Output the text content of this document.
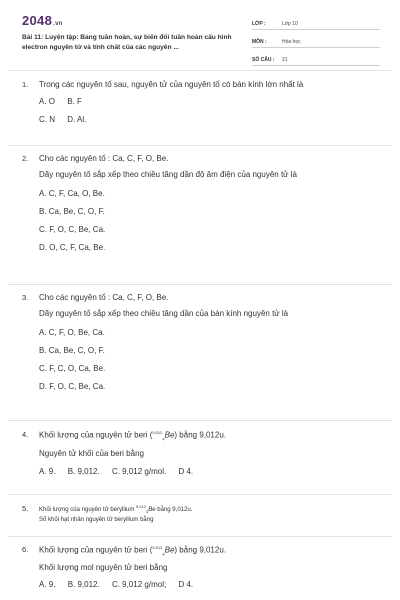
2048.vn
Bài 11: Luyện tập: Bảng tuần hoàn, sự biến đổi tuần hoàn cấu hình electron nguyên tử và tính chất của các nguyên ...
LỚP :	Lớp 10
MÔN :	Hóa học
SỐ CÂU :	21
1.	Trong các nguyên tố sau, nguyên tử của nguyên tố có bán kính lớn nhất là
A. O B. F
C. N D. Al.
2.	Cho các nguyên tố : Ca, C, F, O, Be.
Dãy nguyên tố sắp xếp theo chiều tăng dần độ âm điện của nguyên tử là
A. C, F, Ca, O, Be.
B. Ca, Be, C, O, F.
C. F, O, C, Be, Ca.
D. O, C, F, Ca, Be.
3.	Cho các nguyên tố : Ca, C, F, O, Be.
Dãy nguyên tố sắp xếp theo chiều tăng dần của bán kính nguyên tử là
A. C, F, O, Be, Ca.
B. Ca, Be, C, O, F.
C. F, C, O, Ca, Be.
D. F, O, C, Be, Ca.
4.	Khối lượng của nguyên tử beri ($^{9,012}_4$Be) bằng 9,012u.
Nguyên tử khối của beri bằng
A. 9. B. 9,012. C. 9,012 g/mol. D 4.
5.	Khối lượng của nguyên tử beryllium $^{9,012}_4$Be bằng 9,012u.
Số khối hạt nhân nguyên tử beryllium bằng
6.	Khối lượng của nguyên tử beri ($^{9,012}_4$Be) bằng 9,012u.
Khối lượng mol nguyên tử beri bằng
A. 9. B. 9,012. C. 9,012 g/mol; D 4.
